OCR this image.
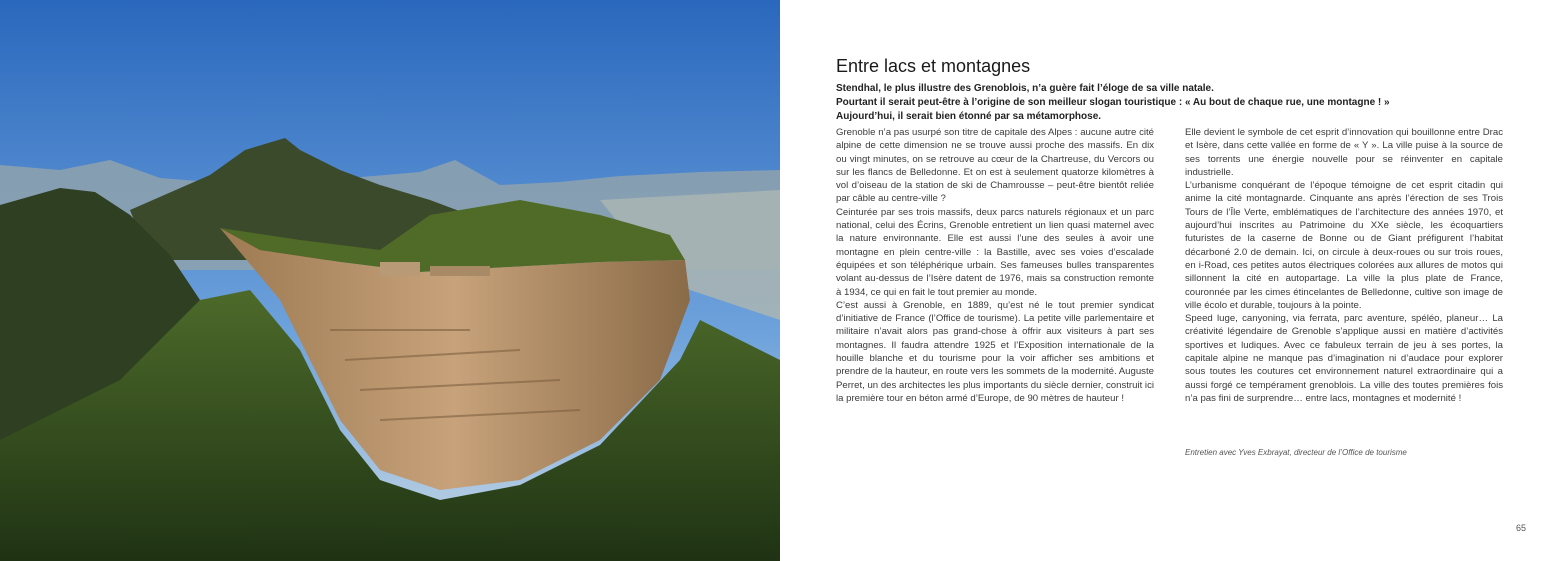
Entre lacs et montagnes
Stendhal, le plus illustre des Grenoblois, n’a guère fait l’éloge de sa ville natale.
Pourtant il serait peut-être à l’origine de son meilleur slogan touristique : « Au bout de chaque rue, une montagne ! »
Aujourd’hui, il serait bien étonné par sa métamorphose.

Grenoble n’a pas usurpé son titre de capitale des Alpes : aucune autre cité alpine de cette dimension ne se trouve aussi proche des massifs. En dix ou vingt minutes, on se retrouve au cœur de la Chartreuse, du Vercors ou sur les flancs de Belledonne. Et on est à seulement quatorze kilomètres à vol d’oiseau de la station de ski de Chamrousse – peut-être bientôt reliée par câble au centre-ville ?

Ceinturée par ses trois massifs, deux parcs naturels régionaux et un parc national, celui des Écrins, Grenoble entretient un lien quasi maternel avec la nature environnante. Elle est aussi l’une des seules à avoir une montagne en plein centre-ville : la Bastille, avec ses voies d’escalade équipées et son téléphérique urbain. Ses fameuses bulles transparentes volant au-dessus de l’Isère datent de 1976, mais sa construction remonte à 1934, ce qui en fait le tout premier au monde.

C’est aussi à Grenoble, en 1889, qu’est né le tout premier syndicat d’initiative de France (l’Office de tourisme). La petite ville parlementaire et militaire n’avait alors pas grand-chose à offrir aux visiteurs à part ses montagnes. Il faudra attendre 1925 et l’Exposition internationale de la houille blanche et du tourisme pour la voir afficher ses ambitions et prendre de la hauteur, en route vers les sommets de la modernité. Auguste Perret, un des architectes les plus importants du siècle dernier, construit ici la première tour en béton armé d’Europe, de 90 mètres de hauteur !

Elle devient le symbole de cet esprit d’innovation qui bouillonne entre Drac et Isère, dans cette vallée en forme de « Y ». La ville puise à la source de ses torrents une énergie nouvelle pour se réinventer en capitale industrielle.

L’urbanisme conquérant de l’époque témoigne de cet esprit citadin qui anime la cité montagnarde. Cinquante ans après l’érection de ses Trois Tours de l’Île Verte, emblématiques de l’architecture des années 1970, et aujourd’hui inscrites au Patrimoine du XXe siècle, les écoquartiers futuristes de la caserne de Bonne ou de Giant préfigurent l’habitat décarboné 2.0 de demain. Ici, on circule à deux-roues ou sur trois roues, en i-Road, ces petites autos électriques colorées aux allures de motos qui sillonnent la cité en autopartage. La ville la plus plate de France, couronnée par les cimes étincelantes de Belledonne, cultive son image de ville écolo et durable, toujours à la pointe.

Speed luge, canyoning, via ferrata, parc aventure, spéléo, planeur… La créativité légendaire de Grenoble s’applique aussi en matière d’activités sportives et ludiques. Avec ce fabuleux terrain de jeu à ses portes, la capitale alpine ne manque pas d’imagination ni d’audace pour explorer sous toutes les coutures cet environnement naturel extraordinaire qui a aussi forgé ce tempérament grenoblois. La ville des toutes premières fois n’a pas fini de surprendre… entre lacs, montagnes et modernité !

Entretien avec Yves Exbrayat, directeur de l’Office de tourisme
65
